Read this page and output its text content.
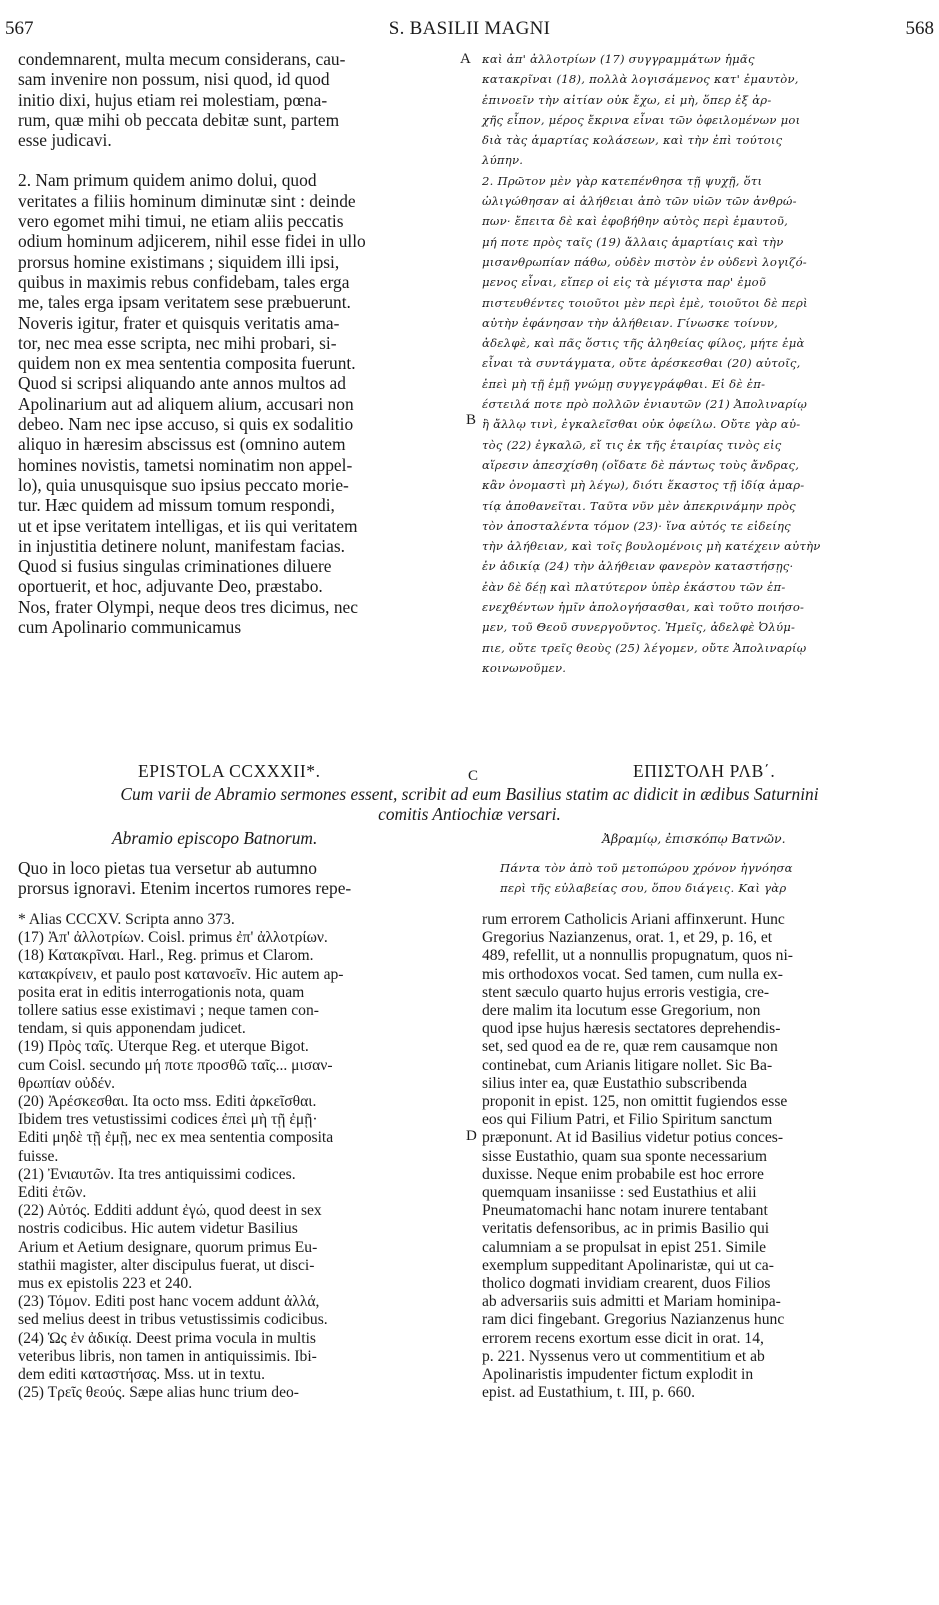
567	S. BASILII MAGNI	568
condemnarent, multa mecum considerans, cau-
sam invenire non possum, nisi quod, id quod
initio dixi, hujus etiam rei molestiam, pœna-
rum, quæ mihi ob peccata debitæ sunt, partem
esse judicavi.
2. Nam primum quidem animo dolui, quod
veritates a filiis hominum diminutæ sint : deinde
vero egomet mihi timui, ne etiam aliis peccatis
odium hominum adjicerem, nihil esse fidei in ullo
prorsus homine existimans ; siquidem illi ipsi,
quibus in maximis rebus confidebam, tales erga
me, tales erga ipsam veritatem sese præbuerunt.
Noveris igitur, frater et quisquis veritatis ama-
tor, nec mea esse scripta, nec mihi probari, si-
quidem non ex mea sententia composita fuerunt.
Quod si scripsi aliquando ante annos multos ad
Apolinarium aut ad aliquem alium, accusari non
debeo. Nam nec ipse accuso, si quis ex sodalitio
aliquo in hæresim abscissus est (omnino autem
homines novistis, tametsi nominatim non appel-
lo), quia unusquisque suo ipsius peccato morie-
tur. Hæc quidem ad missum tomum respondi,
ut et ipse veritatem intelligas, et iis qui veritatem
in injustitia detinere nolunt, manifestam facias.
Quod si fusius singulas criminationes diluere
oportuerit, et hoc, adjuvante Deo, præstabo.
Nos, frater Olympi, neque deos tres dicimus, nec
cum Apolinario communicamus
καὶ ἀπ' ἀλλοτρίων (17) συγγραμμάτων ἡμᾶς
κατακρῖναι (18), πολλὰ λογισάμενος κατ' ἐμαυτὸν,
ἐπινοεῖν τὴν αἰτίαν οὐκ ἔχω, εἰ μὴ, ὅπερ ἐξ ἀρ-
χῆς εἶπον, μέρος ἔκρινα εἶναι τῶν ὀφειλομένων μοι
διὰ τὰς ἁμαρτίας κολάσεων, καὶ τὴν ἐπὶ τούτοις
λύπην.
2. Πρῶτον μὲν γὰρ κατεπένθησα τῇ ψυχῇ, ὅτι
ὠλιγώθησαν αἱ ἀλήθειαι ἀπὸ τῶν υἱῶν τῶν ἀνθρώ-
πων· ἔπειτα δὲ καὶ ἐφοβήθην αὐτὸς περὶ ἐμαυτοῦ,
μή ποτε πρὸς ταῖς (19) ἄλλαις ἁμαρτίαις καὶ τὴν
μισανθρωπίαν πάθω, οὐδὲν πιστὸν ἐν οὐδενὶ λογιζό-
μενος εἶναι, εἴπερ οἱ εἰς τὰ μέγιστα παρ' ἐμοῦ
πιστευθέντες τοιοῦτοι μὲν περὶ ἐμὲ, τοιοῦτοι δὲ περὶ
αὐτὴν ἐφάνησαν τὴν ἀλήθειαν. Γίνωσκε τοίνυν,
ἀδελφὲ, καὶ πᾶς ὅστις τῆς ἀληθείας φίλος, μήτε ἐμὰ
εἶναι τὰ συντάγματα, οὔτε ἀρέσκεσθαι (20) αὐτοῖς,
ἐπεὶ μὴ τῇ ἐμῇ γνώμῃ συγγεγράφθαι. Εἰ δὲ ἐπ-
έστειλά ποτε πρὸ πολλῶν ἐνιαυτῶν (21) Ἀπολιναρίῳ
ἢ ἄλλῳ τινὶ, ἐγκαλεῖσθαι οὐκ ὀφείλω. Οὔτε γὰρ αὐ-
τὸς (22) ἐγκαλῶ, εἴ τις ἐκ τῆς ἑταιρίας τινὸς εἰς
αἵρεσιν ἀπεσχίσθη (οἴδατε δὲ πάντως τοὺς ἄνδρας,
κἂν ὀνομαστὶ μὴ λέγω), διότι ἕκαστος τῇ ἰδίᾳ ἁμαρ-
τίᾳ ἀποθανεῖται. Ταῦτα νῦν μὲν ἀπεκρινάμην πρὸς
τὸν ἀποσταλέντα τόμον (23)· ἵνα αὐτός τε εἰδείης
τὴν ἀλήθειαν, καὶ τοῖς βουλομένοις μὴ κατέχειν αὐτὴν
ἐν ἀδικίᾳ (24) τὴν ἀλήθειαν φανερὸν καταστήσῃς·
ἐὰν δὲ δέῃ καὶ πλατύτερον ὑπὲρ ἑκάστου τῶν ἐπ-
ενεχθέντων ἡμῖν ἀπολογήσασθαι, καὶ τοῦτο ποιήσο-
μεν, τοῦ Θεοῦ συνεργοῦντος. Ἡμεῖς, ἀδελφὲ Ὀλύμ-
πιε, οὔτε τρεῖς θεοὺς (25) λέγομεν, οὔτε Ἀπολιναρίῳ
κοινωνοῦμεν.
A
B
C
D
EPISTOLA CCXXXII*.	ΕΠΙΣΤΟΛΗ ΡΛΒ΄.
Cum varii de Abramio sermones essent, scribit ad eum Basilius statim ac didicit in ædibus Saturnini
comitis Antiochiæ versari.
Abramio episcopo Batnorum.	Ἀβραμίῳ, ἐπισκόπῳ Βατνῶν.
Quo in loco pietas tua versetur ab autumno
prorsus ignoravi. Etenim incertos rumores repe-
Πάντα τὸν ἀπὸ τοῦ μετοπώρου χρόνον ἠγνόησα
περὶ τῆς εὐλαβείας σου, ὅπου διάγεις. Καὶ γὰρ
* Alias CCCXV. Scripta anno 373.
(17) Ἀπ' ἀλλοτρίων. Coisl. primus ἐπ' ἀλλοτρίων.
(18) Κατακρῖναι. Harl., Reg. primus et Clarom.
κατακρίνειν, et paulo post κατανοεῖν. Hic autem ap-
posita erat in editis interrogationis nota, quam
tollere satius esse existimavi ; neque tamen con-
tendam, si quis apponendam judicet.
(19) Πρὸς ταῖς. Uterque Reg. et uterque Bigot.
cum Coisl. secundo μή ποτε προσθῶ ταῖς... μισαν-
θρωπίαν οὐδέν.
(20) Ἀρέσκεσθαι. Ita octo mss. Editi ἀρκεῖσθαι.
Ibidem tres vetustissimi codices ἐπεὶ μὴ τῇ ἐμῇ·
Editi μηδὲ τῇ ἐμῇ, nec ex mea sententia composita
fuisse.
(21) Ἐνιαυτῶν. Ita tres antiquissimi codices.
Editi ἐτῶν.
(22) Αὐτός. Edditi addunt ἐγώ, quod deest in sex
nostris codicibus. Hic autem videtur Basilius
Arium et Aetium designare, quorum primus Eu-
stathii magister, alter discipulus fuerat, ut disci-
mus ex epistolis 223 et 240.
(23) Τόμον. Editi post hanc vocem addunt ἀλλά,
sed melius deest in tribus vetustissimis codicibus.
(24) Ὡς ἐν ἀδικίᾳ. Deest prima vocula in multis
veteribus libris, non tamen in antiquissimis. Ibi-
dem editi καταστήσας. Mss. ut in textu.
(25) Τρεῖς θεούς. Sæpe alias hunc trium deo-
rum errorem Catholicis Ariani affinxerunt. Hunc
Gregorius Nazianzenus, orat. 1, et 29, p. 16, et
489, refellit, ut a nonnullis propugnatum, quos ni-
mis orthodoxos vocat. Sed tamen, cum nulla ex-
stent sæculo quarto hujus erroris vestigia, cre-
dere malim ita locutum esse Gregorium, non
quod ipse hujus hæresis sectatores deprehendis-
set, sed quod ea de re, quæ rem causamque non
continebat, cum Arianis litigare nollet. Sic Ba-
silius inter ea, quæ Eustathio subscribenda
proponit in epist. 125, non omittit fugiendos esse
eos qui Filium Patri, et Filio Spiritum sanctum
præponunt. At id Basilius videtur potius conces-
sisse Eustathio, quam sua sponte necessarium
duxisse. Neque enim probabile est hoc errore
quemquam insaniisse : sed Eustathius et alii
Pneumatomachi hanc notam inurere tentabant
veritatis defensoribus, ac in primis Basilio qui
calumniam a se propulsat in epist 251. Simile
exemplum suppeditant Apolinaristæ, qui ut ca-
tholico dogmati invidiam crearent, duos Filios
ab adversariis suis admitti et Mariam hominipa-
ram dici fingebant. Gregorius Nazianzenus hunc
errorem recens exortum esse dicit in orat. 14,
p. 221. Nyssenus vero ut commentitium et ab
Apolinaristis impudenter fictum explodit in
epist. ad Eustathium, t. III, p. 660.
